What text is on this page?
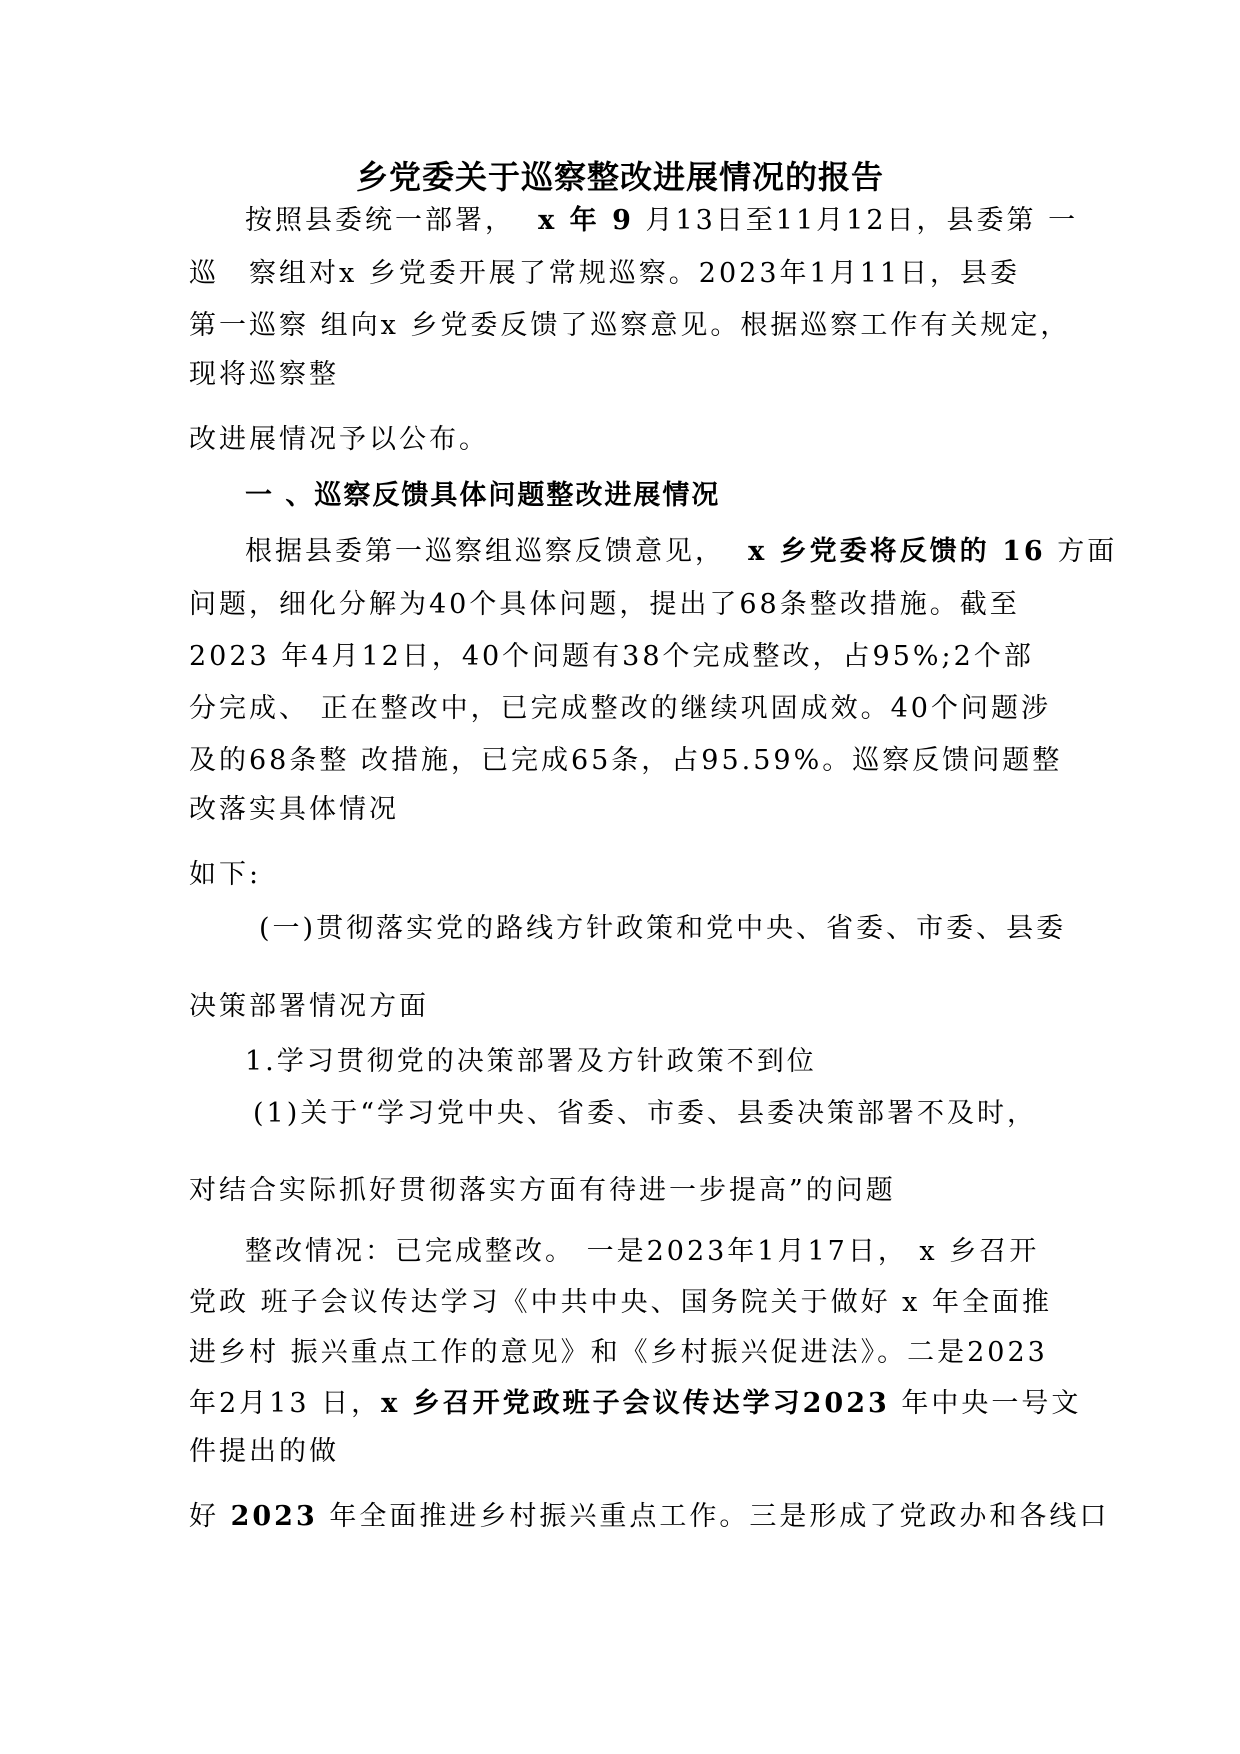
乡党委关于巡察整改进展情况的报告

按照县委统一部署， x 年 9 月13日至11月12日，县委第 一

巡　察组对x 乡党委开展了常规巡察。2023年1月11日，县委

第一巡察 组向x 乡党委反馈了巡察意见。根据巡察工作有关规定，

现将巡察整

改进展情况予以公布。

一 、巡察反馈具体问题整改进展情况

根据县委第一巡察组巡察反馈意见， x 乡党委将反馈的 16 方面

问题，细化分解为40个具体问题，提出了68条整改措施。截至

2023 年4月12日，40个问题有38个完成整改，占95%;2个部

分完成、 正在整改中，已完成整改的继续巩固成效。40个问题涉

及的68条整 改措施，已完成65条，占95.59%。巡察反馈问题整

改落实具体情况

如下:

(一)贯彻落实党的路线方针政策和党中央、省委、市委、县委

决策部署情况方面

1.学习贯彻党的决策部署及方针政策不到位

(1)关于“学习党中央、省委、市委、县委决策部署不及时，

对结合实际抓好贯彻落实方面有待进一步提高”的问题

整改情况：已完成整改。 一是2023年1月17日， x 乡召开

党政 班子会议传达学习《中共中央、国务院关于做好 x 年全面推

进乡村 振兴重点工作的意见》和《乡村振兴促进法》。二是2023

年2月13 日，x 乡召开党政班子会议传达学习2023 年中央一号文

件提出的做

好 2023 年全面推进乡村振兴重点工作。三是形成了党政办和各线口
